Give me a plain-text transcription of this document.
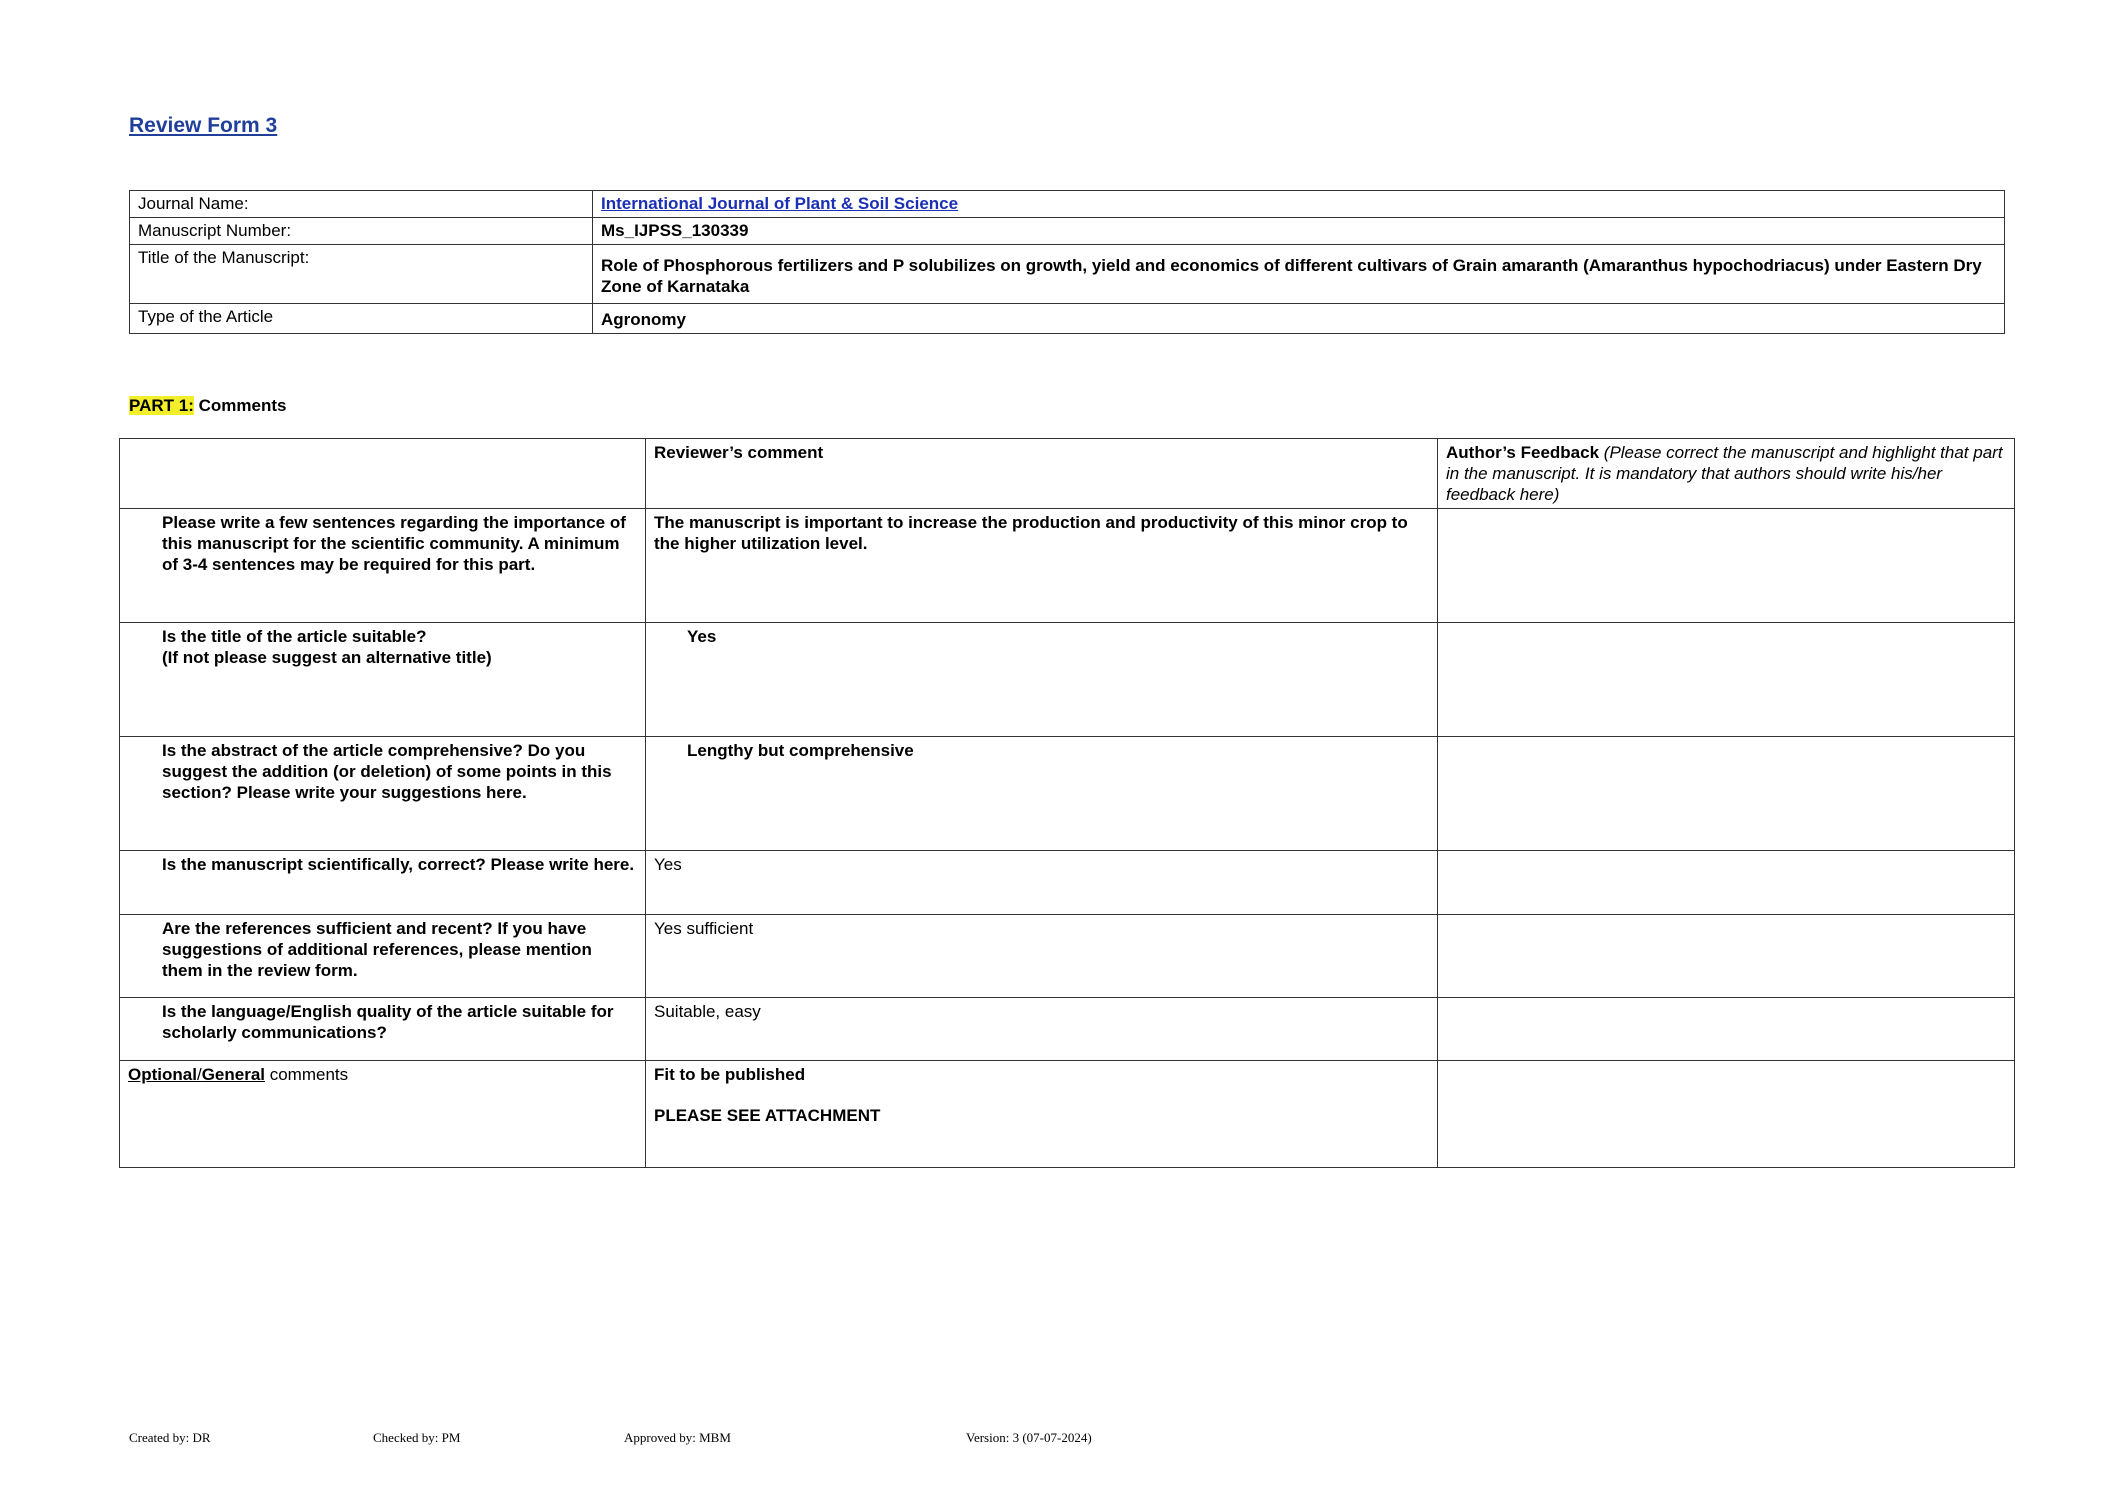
Review Form 3
Journal Name:	International Journal of Plant & Soil Science
Manuscript Number:	Ms_IJPSS_130339
Title of the Manuscript:	Role of Phosphorous fertilizers and P solubilizes on growth, yield and economics of different cultivars of Grain amaranth (Amaranthus hypochodriacus) under Eastern Dry Zone of Karnataka
Type of the Article	Agronomy
PART 1: Comments
	Reviewer’s comment	Author’s Feedback (Please correct the manuscript and highlight that part in the manuscript. It is mandatory that authors should write his/her feedback here)
Please write a few sentences regarding the importance of this manuscript for the scientific community. A minimum of 3-4 sentences may be required for this part.	The manuscript is important to increase the production and productivity of this minor crop to the higher utilization level.	

Is the title of the article suitable?
(If not please suggest an alternative title)	Yes	
Is the abstract of the article comprehensive? Do you suggest the addition (or deletion) of some points in this section? Please write your suggestions here.	Lengthy but comprehensive	
Is the manuscript scientifically, correct? Please write here.	Yes	
Are the references sufficient and recent? If you have suggestions of additional references, please mention them in the review form.	Yes sufficient	
Is the language/English quality of the article suitable for scholarly communications?	Suitable, easy	
Optional/General comments	Fit to be published
PLEASE SEE ATTACHMENT	

Created by: DR	Checked by: PM	Approved by: MBM	Version: 3 (07-07-2024)
